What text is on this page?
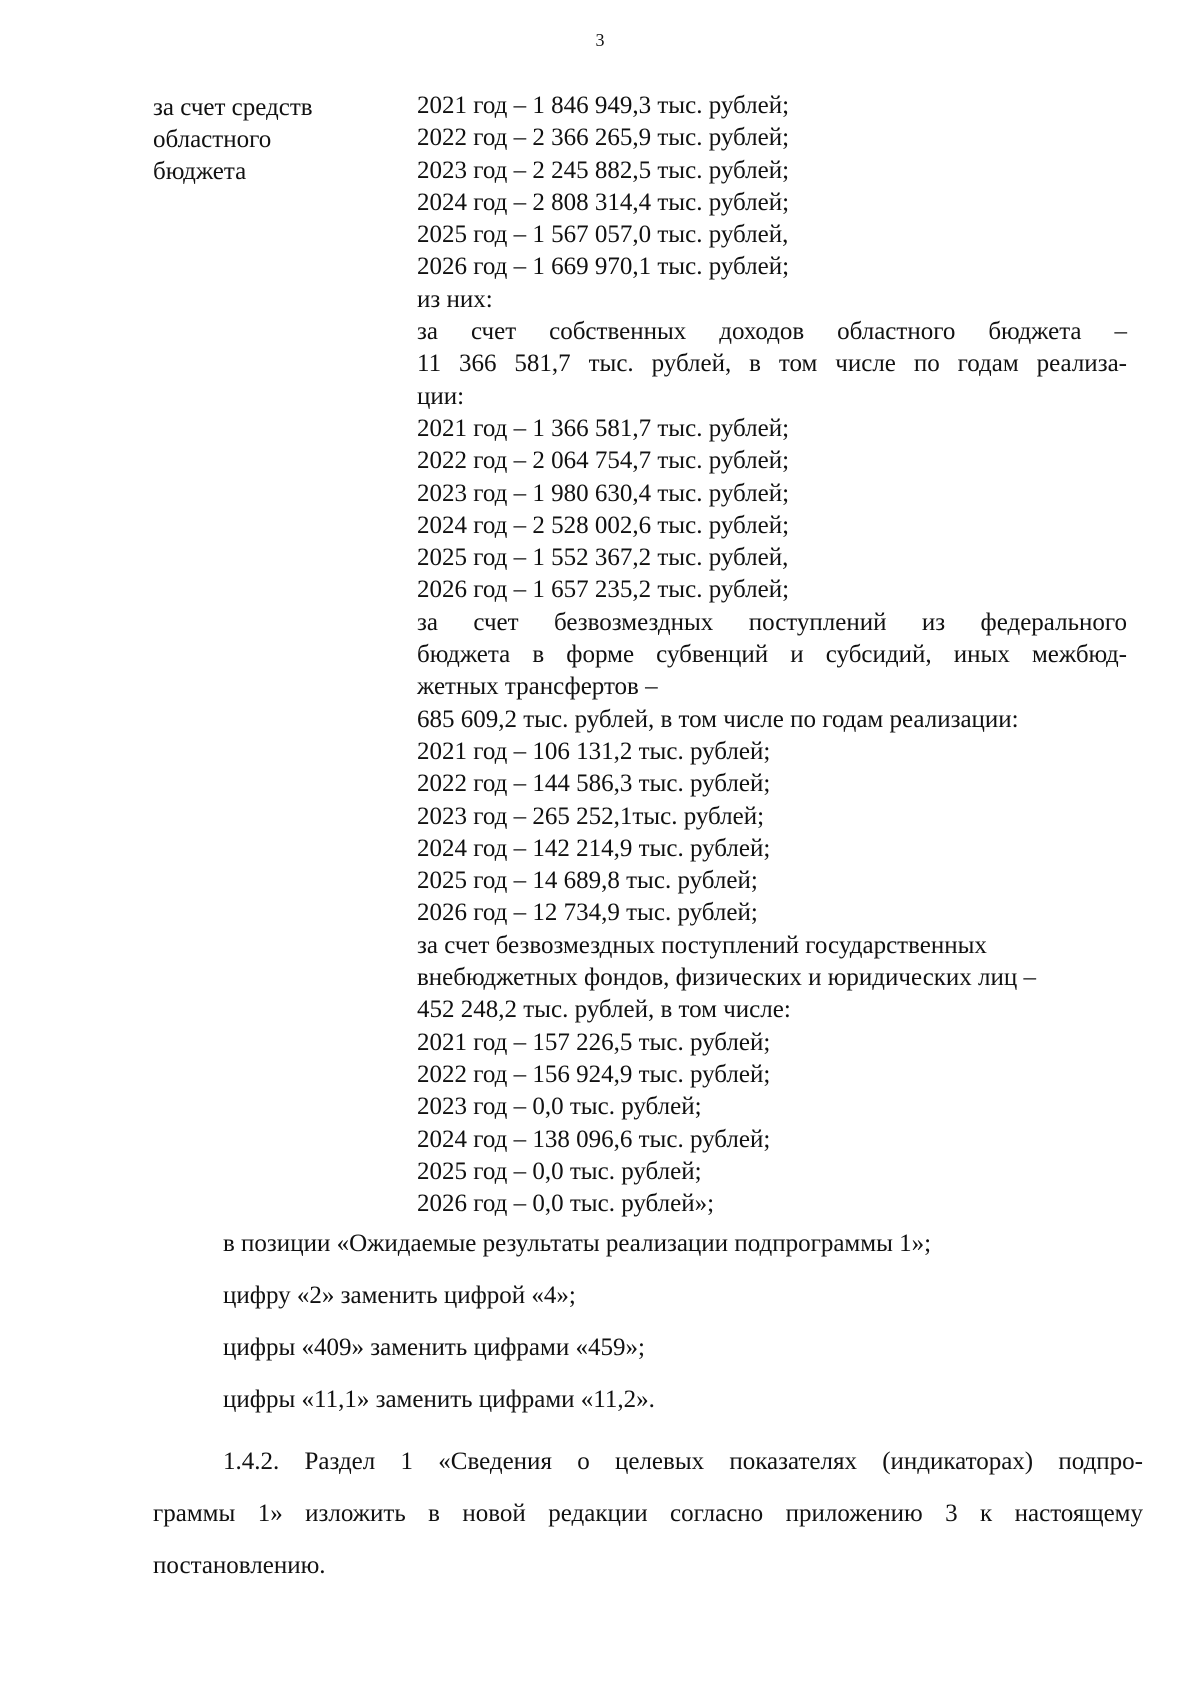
3
за счет средств
областного
бюджета
2021 год – 1 846 949,3 тыс. рублей;
2022 год – 2 366 265,9 тыс. рублей;
2023 год – 2 245 882,5 тыс. рублей;
2024 год – 2 808 314,4 тыс. рублей;
2025 год – 1 567 057,0 тыс. рублей,
2026 год – 1 669 970,1 тыс. рублей;
из них:
за счет собственных доходов областного бюджета –
11 366 581,7 тыс. рублей, в том числе по годам реализа-
ции:
2021 год – 1 366 581,7 тыс. рублей;
2022 год – 2 064 754,7 тыс. рублей;
2023 год – 1 980 630,4 тыс. рублей;
2024 год – 2 528 002,6 тыс. рублей;
2025 год – 1 552 367,2 тыс. рублей,
2026 год – 1 657 235,2 тыс. рублей;
за счет безвозмездных поступлений из федерального
бюджета в форме субвенций и субсидий, иных межбюд-
жетных трансфертов –
685 609,2 тыс. рублей, в том числе по годам реализации:
2021 год – 106 131,2 тыс. рублей;
2022 год – 144 586,3 тыс. рублей;
2023 год – 265 252,1тыс. рублей;
2024 год – 142 214,9 тыс. рублей;
2025 год – 14 689,8 тыс. рублей;
2026 год – 12 734,9 тыс. рублей;
за счет безвозмездных поступлений государственных
внебюджетных фондов, физических и юридических лиц –
452 248,2 тыс. рублей, в том числе:
2021 год – 157 226,5 тыс. рублей;
2022 год – 156 924,9 тыс. рублей;
2023 год – 0,0 тыс. рублей;
2024 год – 138 096,6 тыс. рублей;
2025 год – 0,0 тыс. рублей;
2026 год – 0,0 тыс. рублей»;
в позиции «Ожидаемые результаты реализации подпрограммы 1»;
цифру «2» заменить цифрой «4»;
цифры «409» заменить цифрами «459»;
цифры «11,1» заменить цифрами «11,2».
1.4.2. Раздел 1 «Сведения о целевых показателях (индикаторах) подпро-
граммы 1» изложить в новой редакции согласно приложению 3 к настоящему
постановлению.
